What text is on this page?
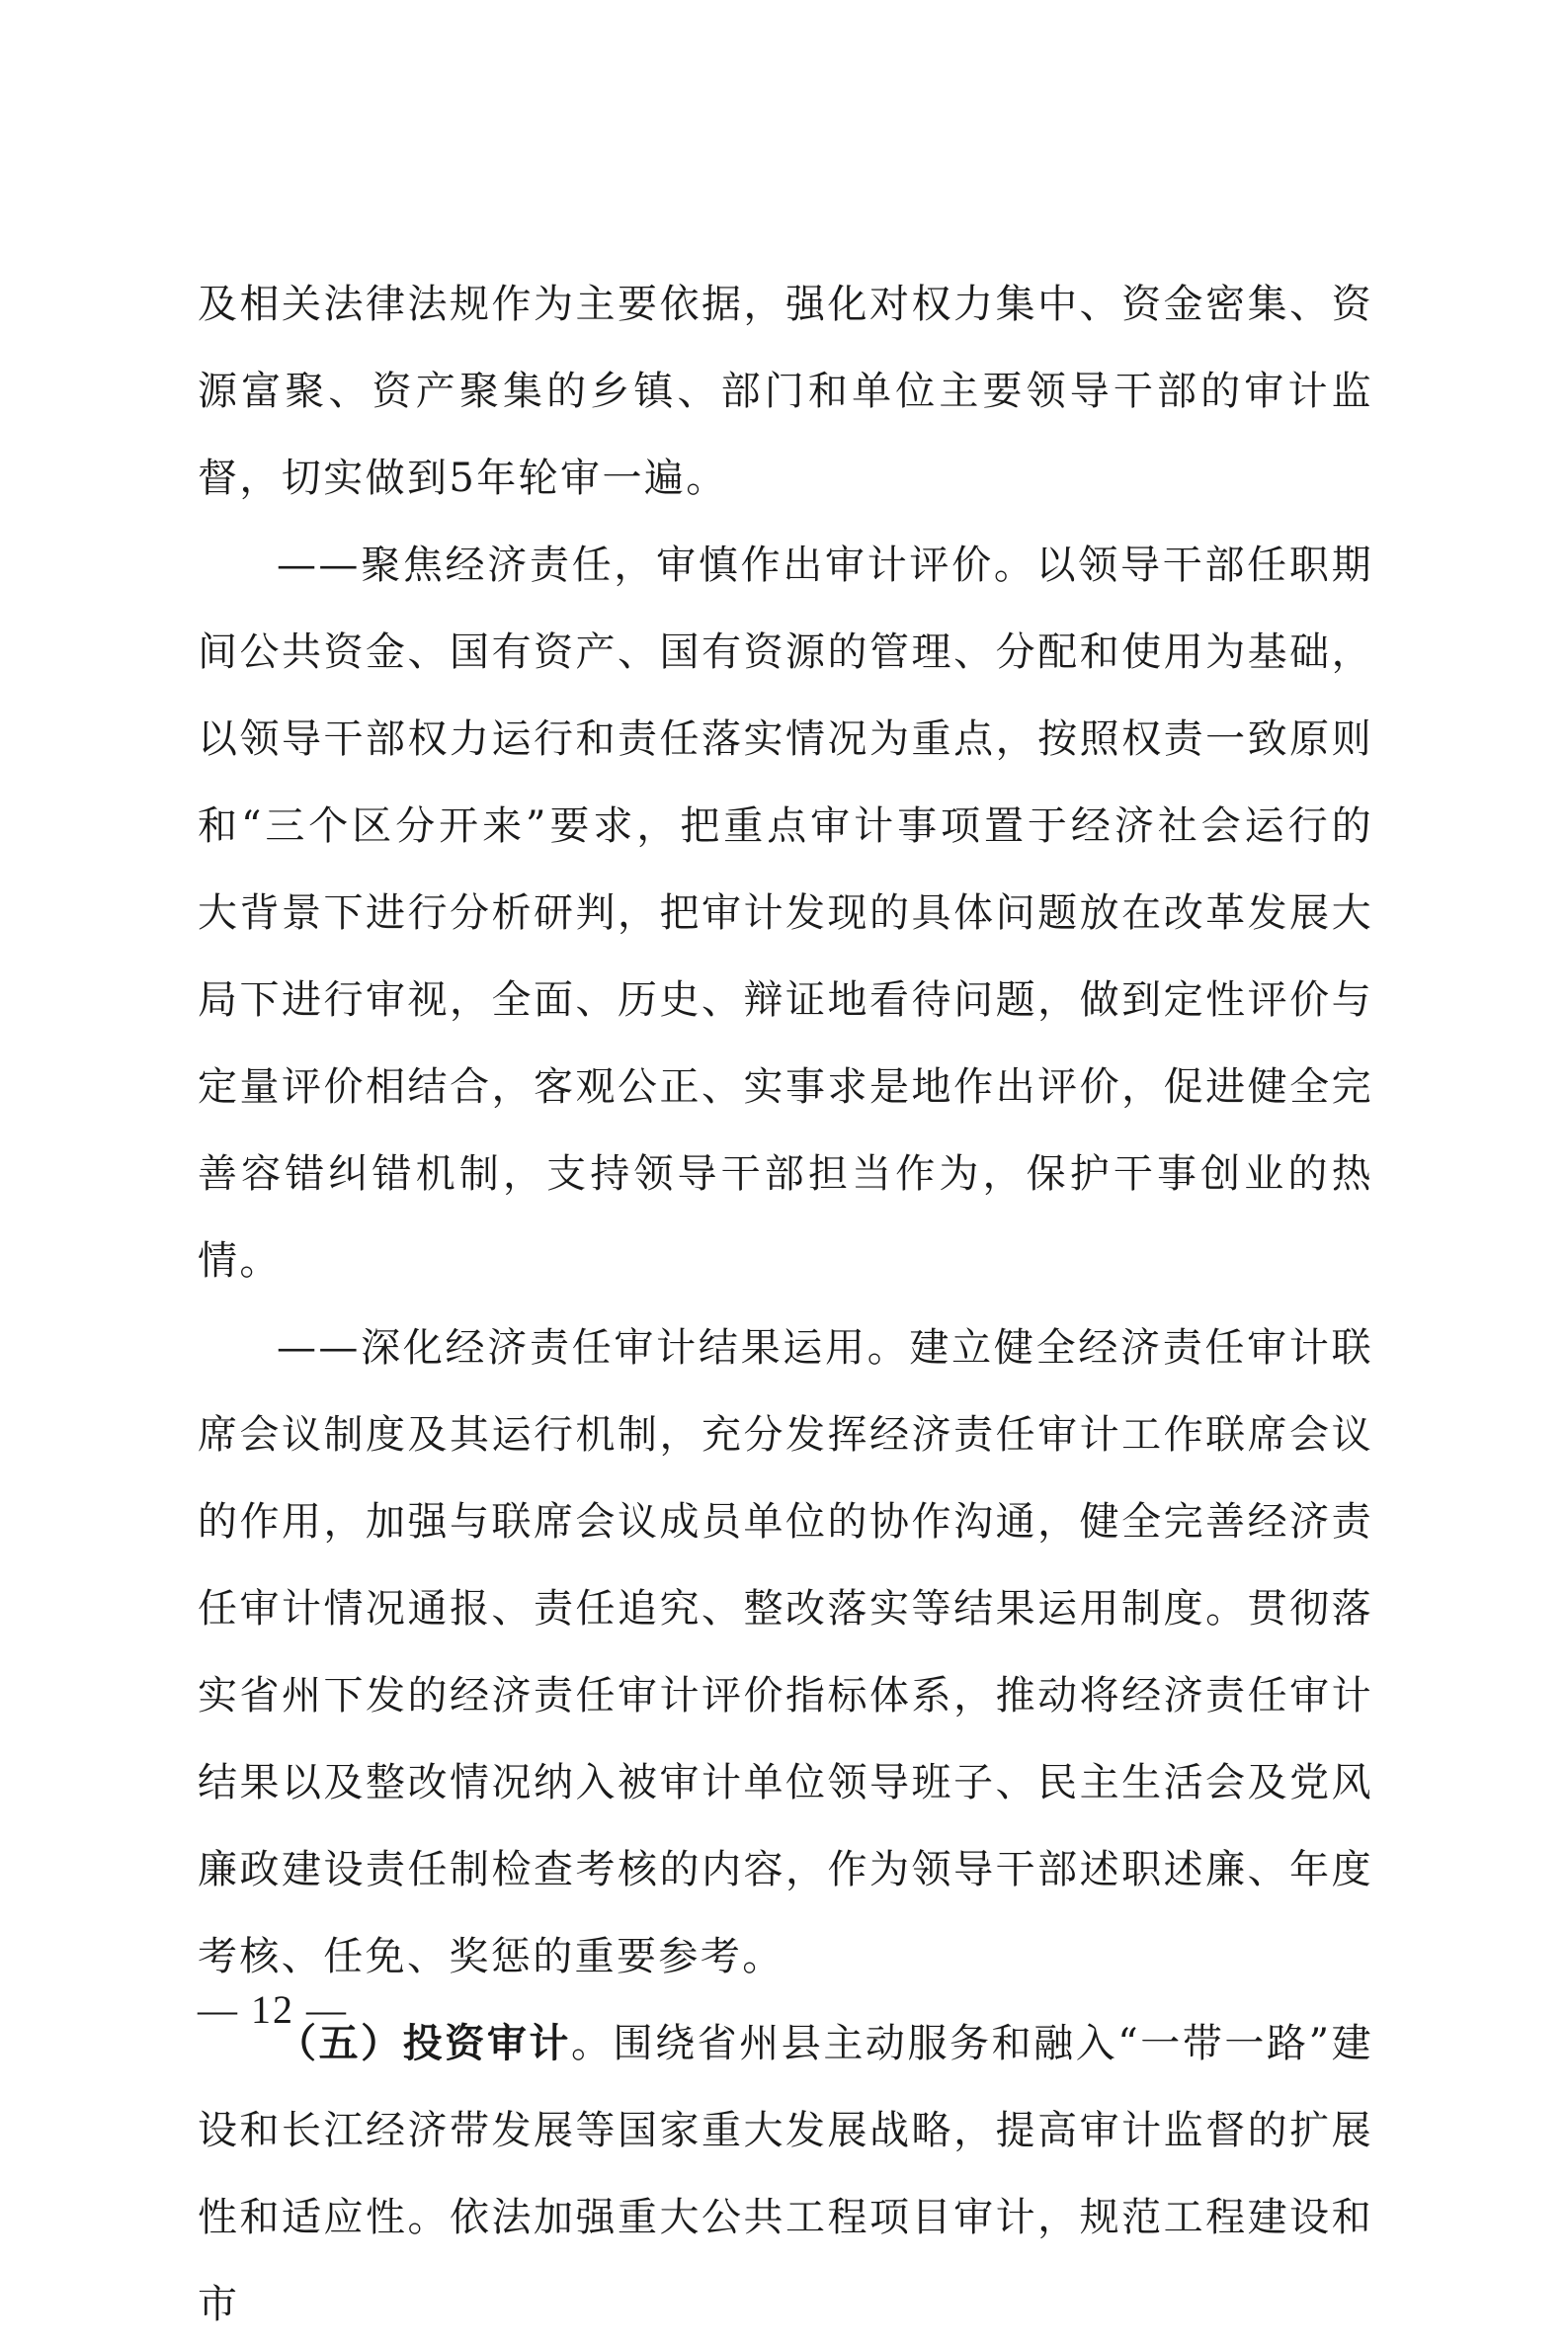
及相关法律法规作为主要依据，强化对权力集中、资金密集、资源富聚、资产聚集的乡镇、部门和单位主要领导干部的审计监督，切实做到5年轮审一遍。

——聚焦经济责任，审慎作出审计评价。以领导干部任职期间公共资金、国有资产、国有资源的管理、分配和使用为基础，以领导干部权力运行和责任落实情况为重点，按照权责一致原则和“三个区分开来”要求，把重点审计事项置于经济社会运行的大背景下进行分析研判，把审计发现的具体问题放在改革发展大局下进行审视，全面、历史、辩证地看待问题，做到定性评价与定量评价相结合，客观公正、实事求是地作出评价，促进健全完善容错纠错机制，支持领导干部担当作为，保护干事创业的热情。

——深化经济责任审计结果运用。建立健全经济责任审计联席会议制度及其运行机制，充分发挥经济责任审计工作联席会议的作用，加强与联席会议成员单位的协作沟通，健全完善经济责任审计情况通报、责任追究、整改落实等结果运用制度。贯彻落实省州下发的经济责任审计评价指标体系，推动将经济责任审计结果以及整改情况纳入被审计单位领导班子、民主生活会及党风廉政建设责任制检查考核的内容，作为领导干部述职述廉、年度考核、任免、奖惩的重要参考。

（五）投资审计。围绕省州县主动服务和融入“一带一路”建设和长江经济带发展等国家重大发展战略，提高审计监督的扩展性和适应性。依法加强重大公共工程项目审计，规范工程建设和市

— 12 —
